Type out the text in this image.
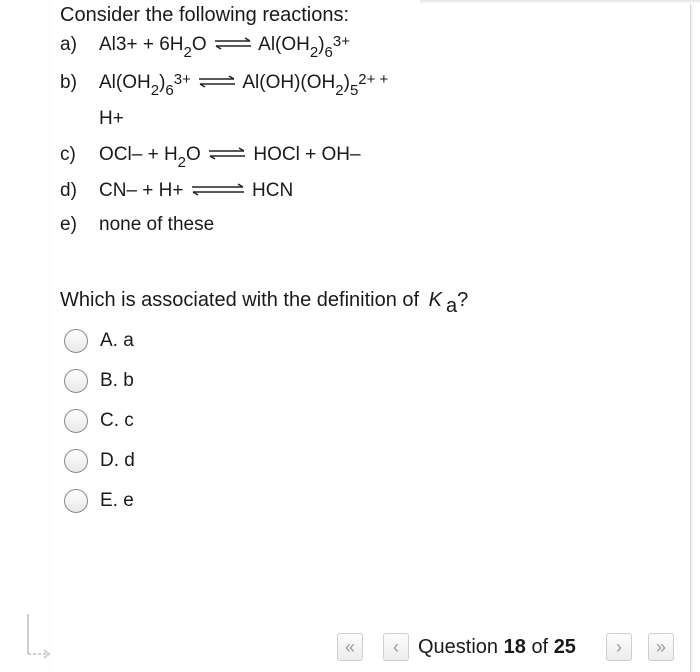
Consider the following reactions:
a) $Al3+ + 6H_2O$ ⇌ $Al(OH_2)_6^{3+}$
b) $Al(OH_2)_6^{3+}$ ⇌ $Al(OH)(OH_2)_5^{2+ +}$
H+
c) $OCl- + H_2O$ ⇌ HOCl + OH–
d) CN– + H+ ⇌ HCN
e) none of these
Which is associated with the definition of K a?
A. a
B. b
C. c
D. d
E. e
«	‹ Question 18 of 25	›	»
